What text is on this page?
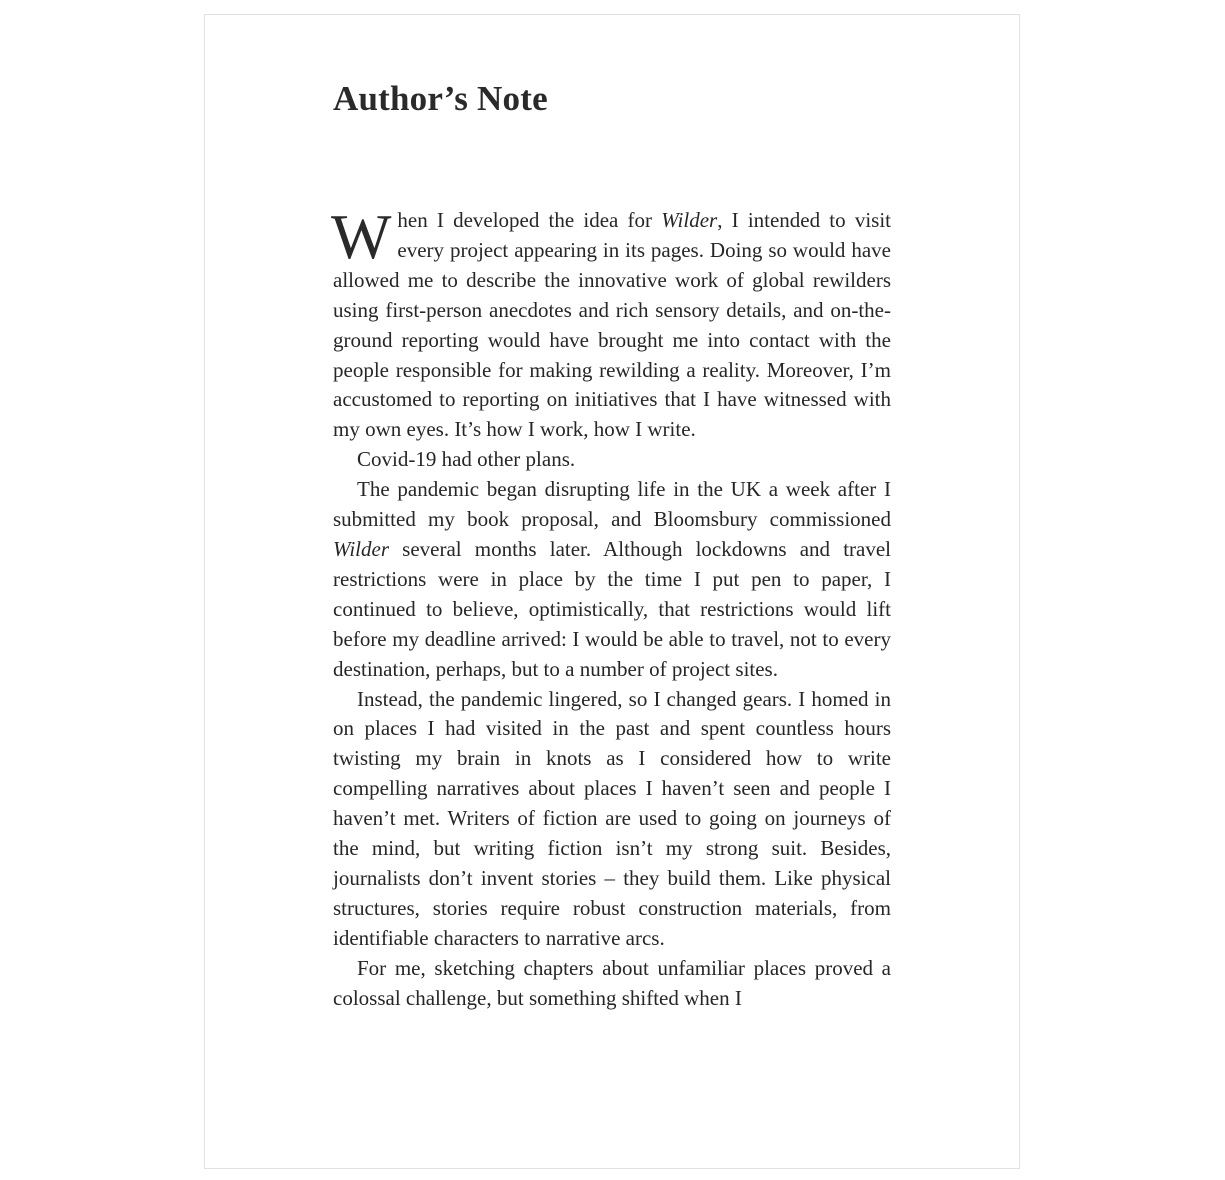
Author’s Note

When I developed the idea for Wilder, I intended to visit every project appearing in its pages. Doing so would have allowed me to describe the innovative work of global rewilders using first-person anecdotes and rich sensory details, and on-the-ground reporting would have brought me into contact with the people responsible for making rewilding a reality. Moreover, I’m accustomed to reporting on initiatives that I have witnessed with my own eyes. It’s how I work, how I write.

Covid-19 had other plans.

The pandemic began disrupting life in the UK a week after I submitted my book proposal, and Bloomsbury commissioned Wilder several months later. Although lockdowns and travel restrictions were in place by the time I put pen to paper, I continued to believe, optimistically, that restrictions would lift before my deadline arrived: I would be able to travel, not to every destination, perhaps, but to a number of project sites.

Instead, the pandemic lingered, so I changed gears. I homed in on places I had visited in the past and spent countless hours twisting my brain in knots as I considered how to write compelling narratives about places I haven’t seen and people I haven’t met. Writers of fiction are used to going on journeys of the mind, but writing fiction isn’t my strong suit. Besides, journalists don’t invent stories – they build them. Like physical structures, stories require robust construction materials, from identifiable characters to narrative arcs.

For me, sketching chapters about unfamiliar places proved a colossal challenge, but something shifted when I
